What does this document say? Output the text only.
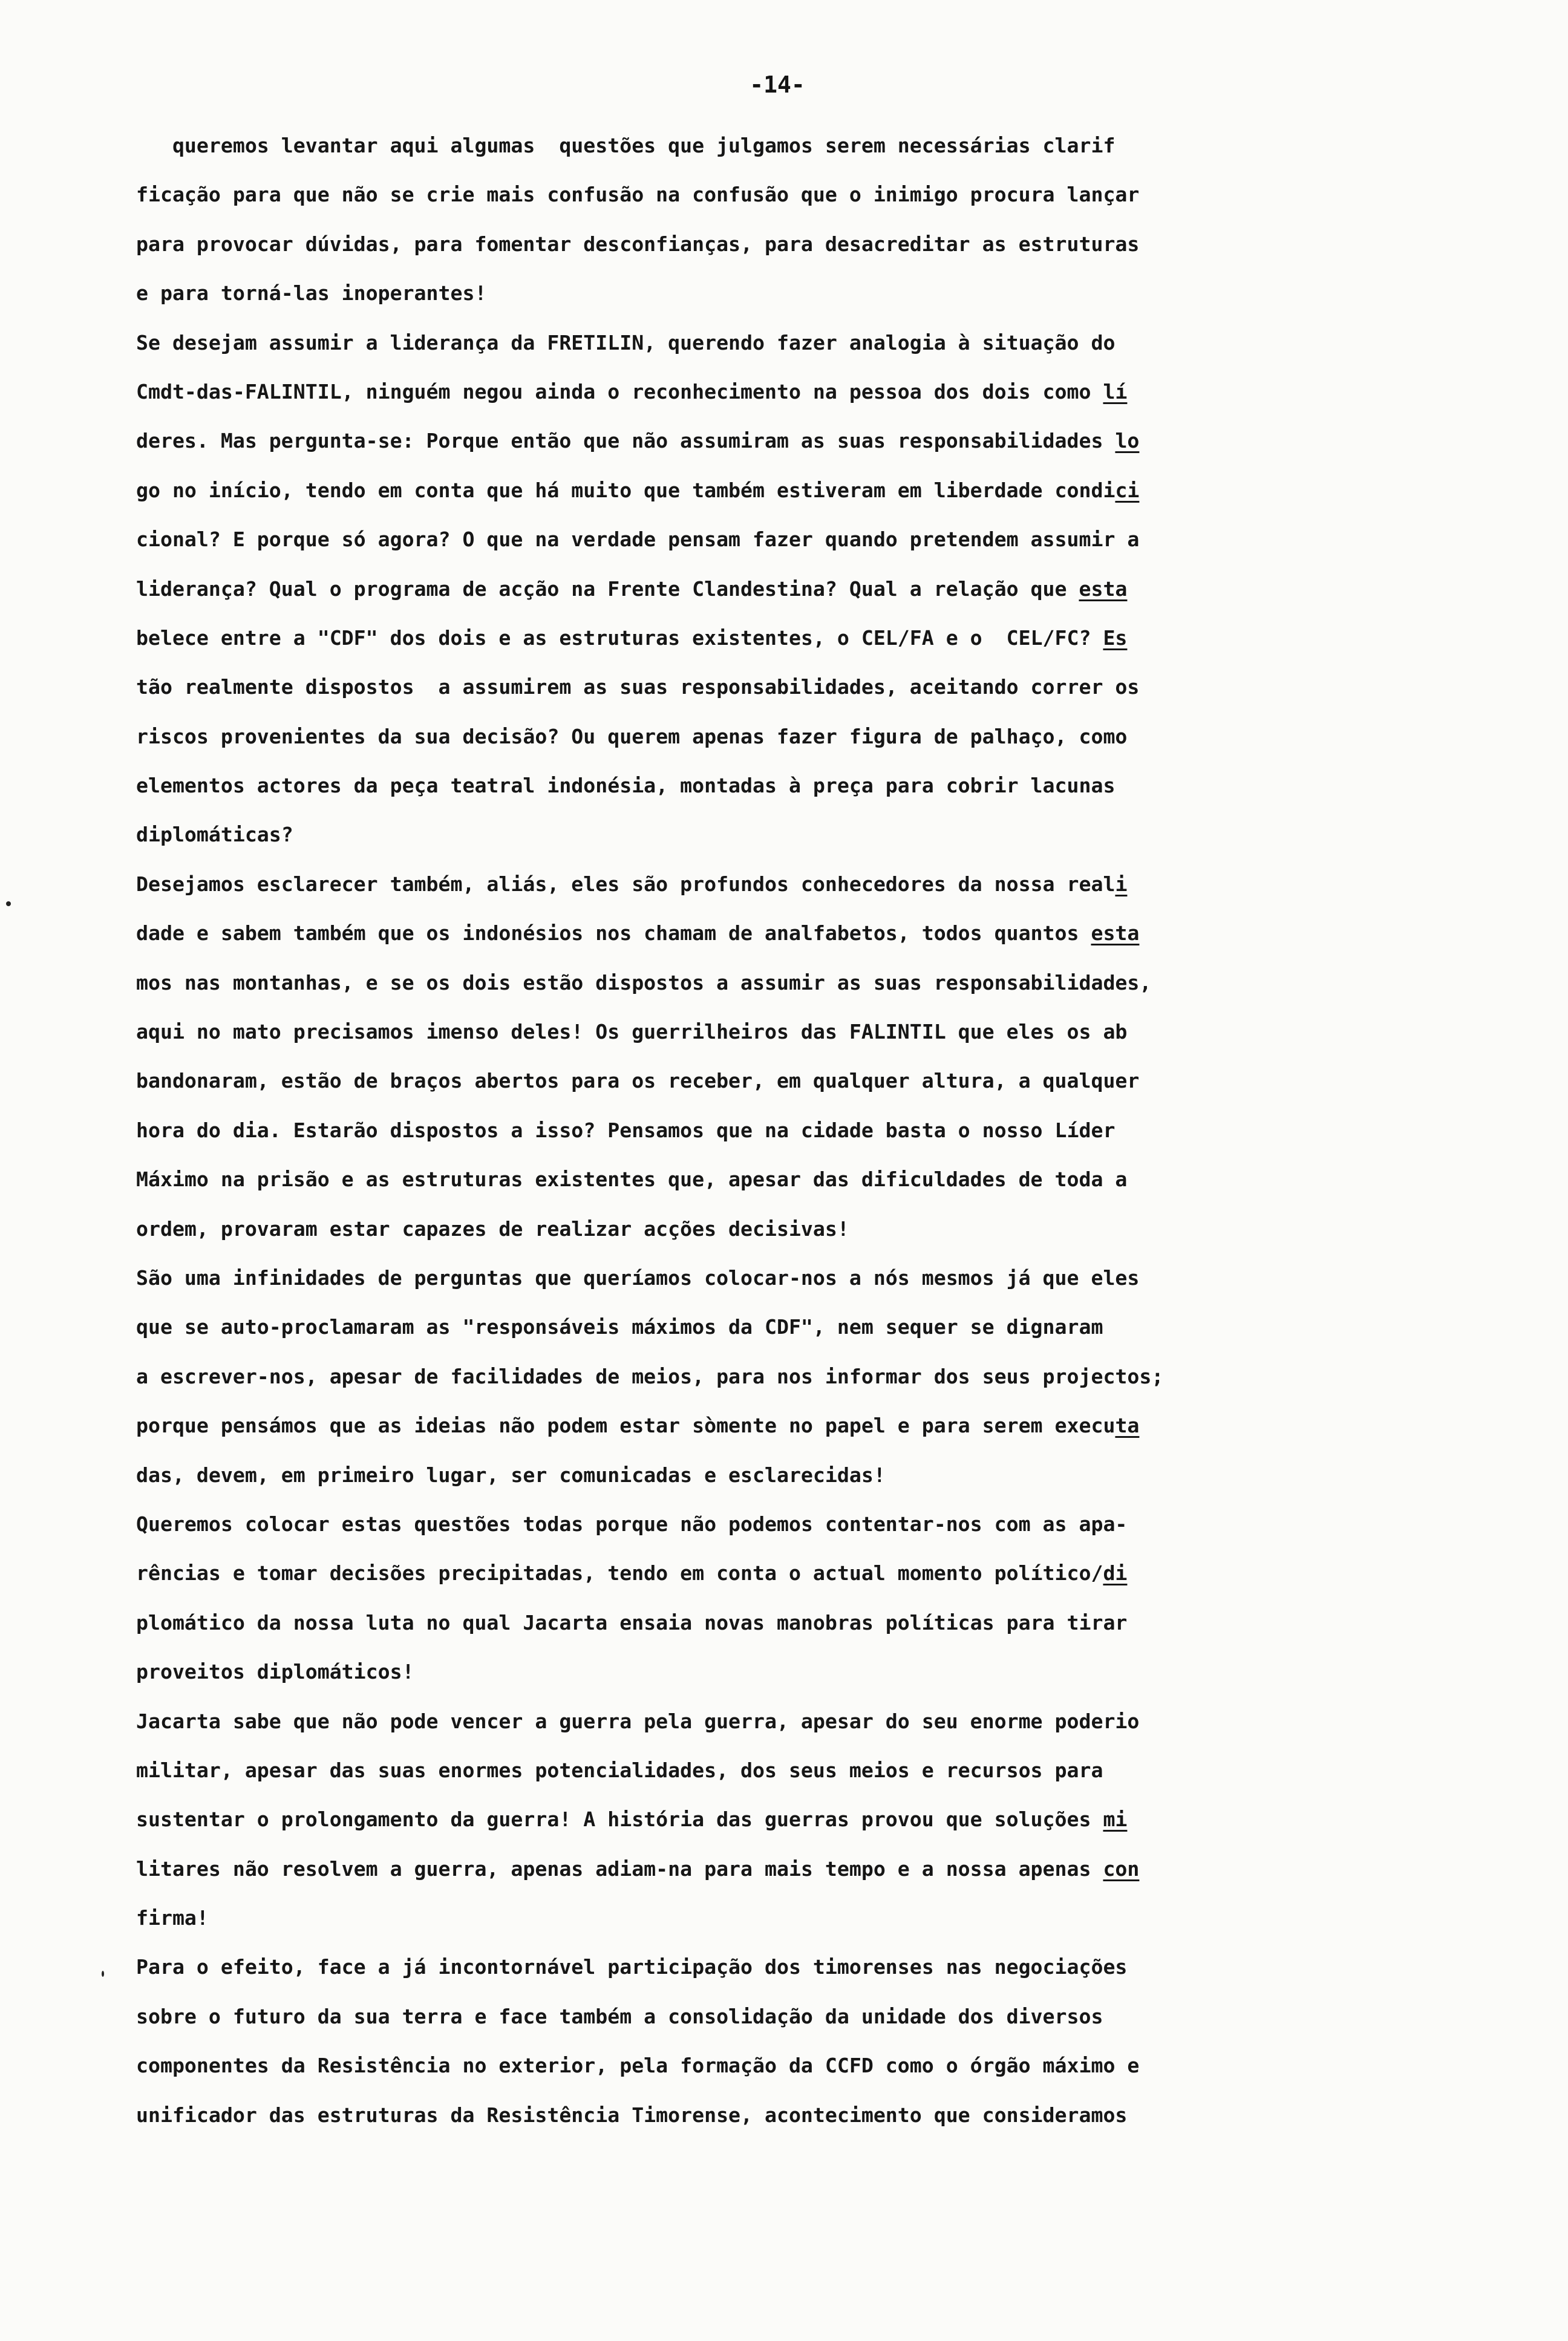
-14-
queremos levantar aqui algumas  questões que julgamos serem necessárias clarif
ficação para que não se crie mais confusão na confusão que o inimigo procura lançar
para provocar dúvidas, para fomentar desconfianças, para desacreditar as estruturas
e para torná-las inoperantes!
Se desejam assumir a liderança da FRETILIN, querendo fazer analogia à situação do
Cmdt-das-FALINTIL, ninguém negou ainda o reconhecimento na pessoa dos dois como lí
deres. Mas pergunta-se: Porque então que não assumiram as suas responsabilidades lo
go no início, tendo em conta que há muito que também estiveram em liberdade condici
cional? E porque só agora? O que na verdade pensam fazer quando pretendem assumir a
liderança? Qual o programa de acção na Frente Clandestina? Qual a relação que esta
belece entre a "CDF" dos dois e as estruturas existentes, o CEL/FA e o  CEL/FC? Es
tão realmente dispostos  a assumirem as suas responsabilidades, aceitando correr os
riscos provenientes da sua decisão? Ou querem apenas fazer figura de palhaço, como
elementos actores da peça teatral indonésia, montadas à preça para cobrir lacunas
diplomáticas?
Desejamos esclarecer também, aliás, eles são profundos conhecedores da nossa reali
dade e sabem também que os indonésios nos chamam de analfabetos, todos quantos esta
mos nas montanhas, e se os dois estão dispostos a assumir as suas responsabilidades,
aqui no mato precisamos imenso deles! Os guerrilheiros das FALINTIL que eles os ab
bandonaram, estão de braços abertos para os receber, em qualquer altura, a qualquer
hora do dia. Estarão dispostos a isso? Pensamos que na cidade basta o nosso Líder
Máximo na prisão e as estruturas existentes que, apesar das dificuldades de toda a
ordem, provaram estar capazes de realizar acções decisivas!
São uma infinidades de perguntas que queríamos colocar-nos a nós mesmos já que eles
que se auto-proclamaram as "responsáveis máximos da CDF", nem sequer se dignaram
a escrever-nos, apesar de facilidades de meios, para nos informar dos seus projectos;
porque pensámos que as ideias não podem estar sòmente no papel e para serem executa
das, devem, em primeiro lugar, ser comunicadas e esclarecidas!
Queremos colocar estas questões todas porque não podemos contentar-nos com as apa-
rências e tomar decisões precipitadas, tendo em conta o actual momento político/di
plomático da nossa luta no qual Jacarta ensaia novas manobras políticas para tirar
proveitos diplomáticos!
Jacarta sabe que não pode vencer a guerra pela guerra, apesar do seu enorme poderio
militar, apesar das suas enormes potencialidades, dos seus meios e recursos para
sustentar o prolongamento da guerra! A história das guerras provou que soluções mi
litares não resolvem a guerra, apenas adiam-na para mais tempo e a nossa apenas con
firma!
Para o efeito, face a já incontornável participação dos timorenses nas negociações
sobre o futuro da sua terra e face também a consolidação da unidade dos diversos
componentes da Resistência no exterior, pela formação da CCFD como o órgão máximo e
unificador das estruturas da Resistência Timorense, acontecimento que consideramos
